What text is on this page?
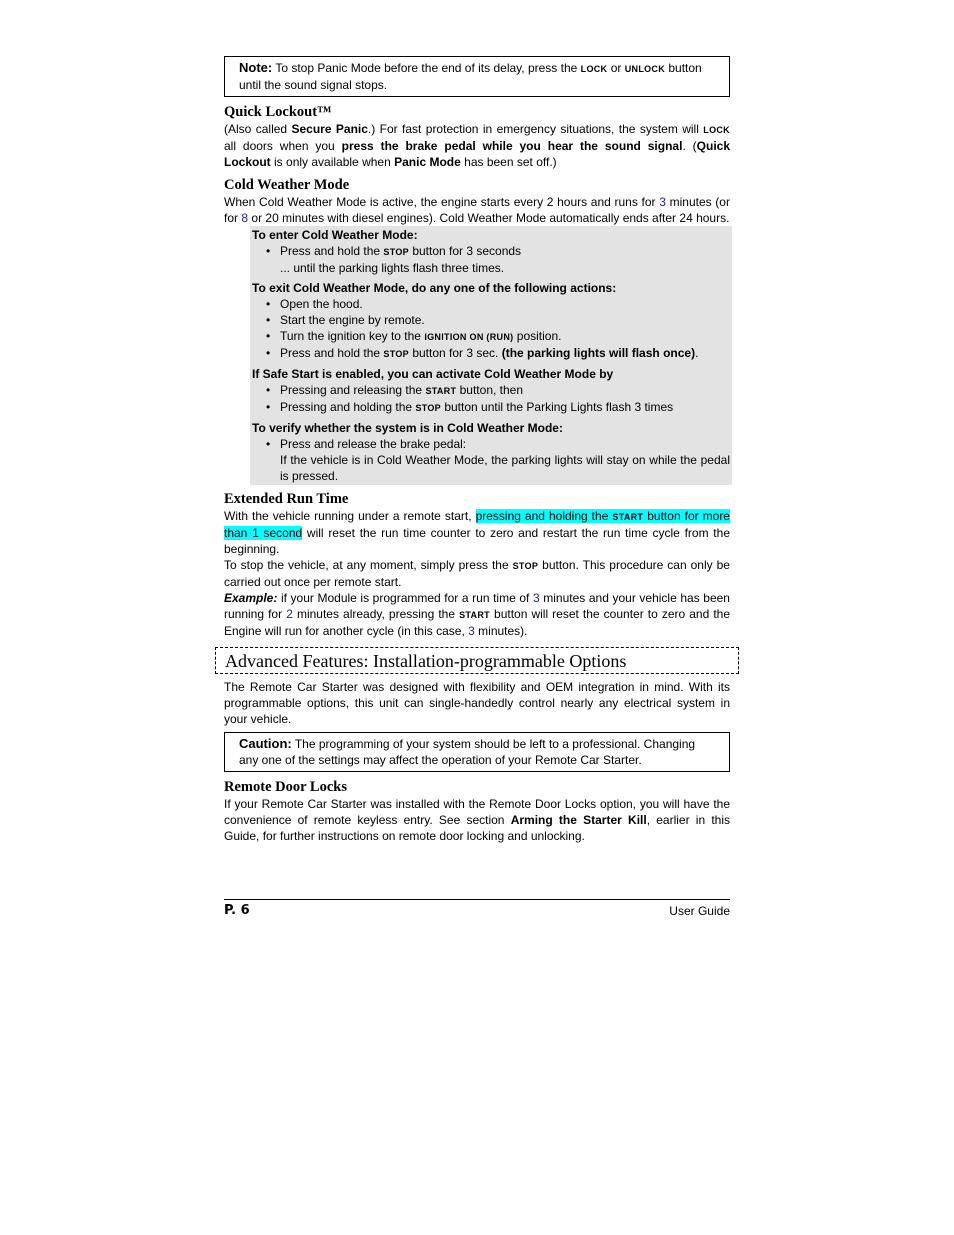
Note: To stop Panic Mode before the end of its delay, press the LOCK or UNLOCK button until the sound signal stops.
Quick Lockout™

(Also called Secure Panic.) For fast protection in emergency situations, the system will LOCK all doors when you press the brake pedal while you hear the sound signal. (Quick Lockout is only available when Panic Mode has been set off.)

Cold Weather Mode

When Cold Weather Mode is active, the engine starts every 2 hours and runs for 3 minutes (or for 8 or 20 minutes with diesel engines). Cold Weather Mode automatically ends after 24 hours.

To enter Cold Weather Mode:

• Press and hold the STOP button for 3 seconds
... until the parking lights flash three times.

To exit Cold Weather Mode, do any one of the following actions:

• Open the hood.
• Start the engine by remote.
• Turn the ignition key to the IGNITION ON (RUN) position.
• Press and hold the STOP button for 3 sec. (the parking lights will flash once).

If Safe Start is enabled, you can activate Cold Weather Mode by

• Pressing and releasing the START button, then
• Pressing and holding the STOP button until the Parking Lights flash 3 times

To verify whether the system is in Cold Weather Mode:

• Press and release the brake pedal:
If the vehicle is in Cold Weather Mode, the parking lights will stay on while the pedal is pressed.
Extended Run Time

With the vehicle running under a remote start, pressing and holding the START button for more than 1 second will reset the run time counter to zero and restart the run time cycle from the beginning.

To stop the vehicle, at any moment, simply press the STOP button. This procedure can only be carried out once per remote start.

Example: if your Module is programmed for a run time of 3 minutes and your vehicle has been running for 2 minutes already, pressing the START button will reset the counter to zero and the Engine will run for another cycle (in this case, 3 minutes).

Advanced Features: Installation-programmable Options

The Remote Car Starter was designed with flexibility and OEM integration in mind. With its programmable options, this unit can single-handedly control nearly any electrical system in your vehicle.

Caution: The programming of your system should be left to a professional. Changing any one of the settings may affect the operation of your Remote Car Starter.
Remote Door Locks

If your Remote Car Starter was installed with the Remote Door Locks option, you will have the convenience of remote keyless entry. See section Arming the Starter Kill, earlier in this Guide, for further instructions on remote door locking and unlocking.

P. 6	User Guide
